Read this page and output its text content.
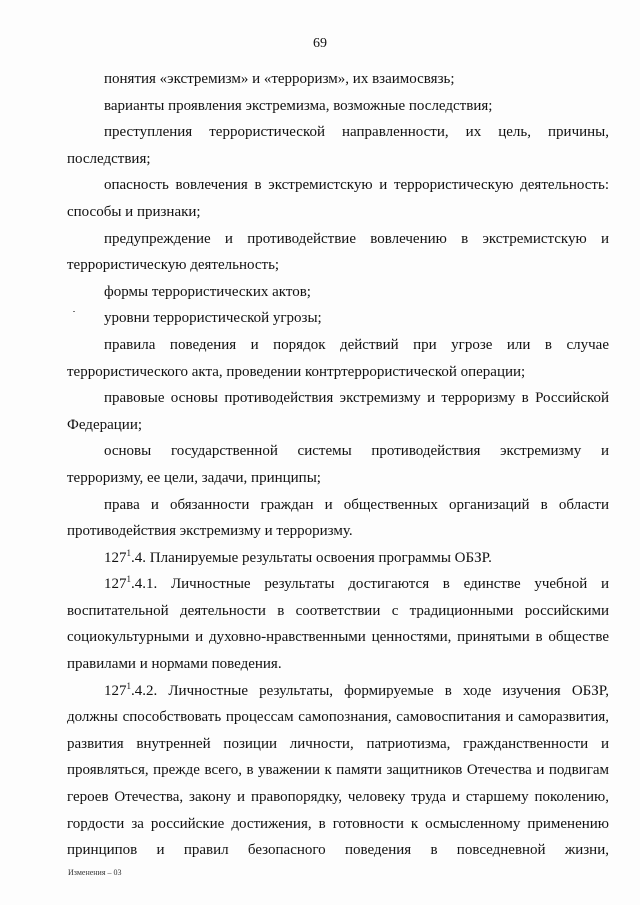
69

понятия «экстремизм» и «терроризм», их взаимосвязь;

варианты проявления экстремизма, возможные последствия;

преступления террористической направленности, их цель, причины, последствия;

опасность вовлечения в экстремистскую и террористическую деятельность: способы и признаки;

предупреждение и противодействие вовлечению в экстремистскую и террористическую деятельность;

формы террористических актов;

уровни террористической угрозы;

правила поведения и порядок действий при угрозе или в случае террористического акта, проведении контртеррористической операции;

правовые основы противодействия экстремизму и терроризму в Российской Федерации;

основы государственной системы противодействия экстремизму и терроризму, ее цели, задачи, принципы;

права и обязанности граждан и общественных организаций в области противодействия экстремизму и терроризму.

$127^1.4$. Планируемые результаты освоения программы ОБЗР.

$127^1.4.1$. Личностные результаты достигаются в единстве учебной и воспитательной деятельности в соответствии с традиционными российскими социокультурными и духовно-нравственными ценностями, принятыми в обществе правилами и нормами поведения.

$127^1.4.2$. Личностные результаты, формируемые в ходе изучения ОБЗР, должны способствовать процессам самопознания, самовоспитания и саморазвития, развития внутренней позиции личности, патриотизма, гражданственности и проявляться, прежде всего, в уважении к памяти защитников Отечества и подвигам героев Отечества, закону и правопорядку, человеку труда и старшему поколению, гордости за российские достижения, в готовности к осмысленному применению принципов и правил безопасного поведения в повседневной жизни,

Изменения – 03
